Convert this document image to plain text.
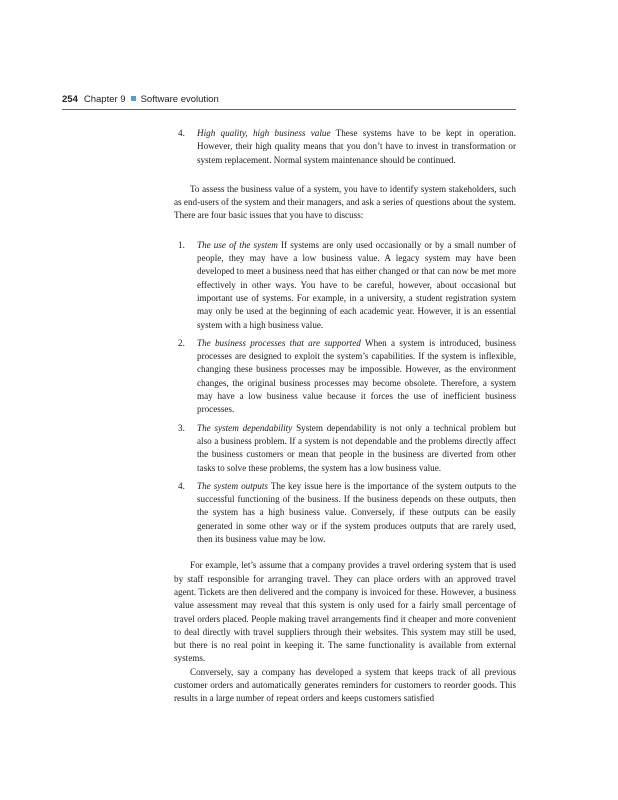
254 Chapter 9 Software evolution
4. High quality, high business value These systems have to be kept in operation. However, their high quality means that you don’t have to invest in transformation or system replacement. Normal system maintenance should be continued.

To assess the business value of a system, you have to identify system stakeholders, such as end-users of the system and their managers, and ask a series of questions about the system. There are four basic issues that you have to discuss:

1. The use of the system If systems are only used occasionally or by a small number of people, they may have a low business value. A legacy system may have been developed to meet a business need that has either changed or that can now be met more effectively in other ways. You have to be careful, however, about occasional but important use of systems. For example, in a university, a student registration system may only be used at the beginning of each academic year. However, it is an essential system with a high business value.
2. The business processes that are supported When a system is introduced, business processes are designed to exploit the system’s capabilities. If the system is inflexible, changing these business processes may be impossible. However, as the environment changes, the original business processes may become obsolete. Therefore, a system may have a low business value because it forces the use of inefficient business processes.
3. The system dependability System dependability is not only a technical problem but also a business problem. If a system is not dependable and the problems directly affect the business customers or mean that people in the business are diverted from other tasks to solve these problems, the system has a low business value.
4. The system outputs The key issue here is the importance of the system outputs to the successful functioning of the business. If the business depends on these outputs, then the system has a high business value. Conversely, if these outputs can be easily generated in some other way or if the system produces outputs that are rarely used, then its business value may be low.

For example, let’s assume that a company provides a travel ordering system that is used by staff responsible for arranging travel. They can place orders with an approved travel agent. Tickets are then delivered and the company is invoiced for these. However, a business value assessment may reveal that this system is only used for a fairly small percentage of travel orders placed. People making travel arrangements find it cheaper and more convenient to deal directly with travel suppliers through their websites. This system may still be used, but there is no real point in keeping it. The same functionality is available from external systems.

Conversely, say a company has developed a system that keeps track of all previous customer orders and automatically generates reminders for customers to reorder goods. This results in a large number of repeat orders and keeps customers satisfied
